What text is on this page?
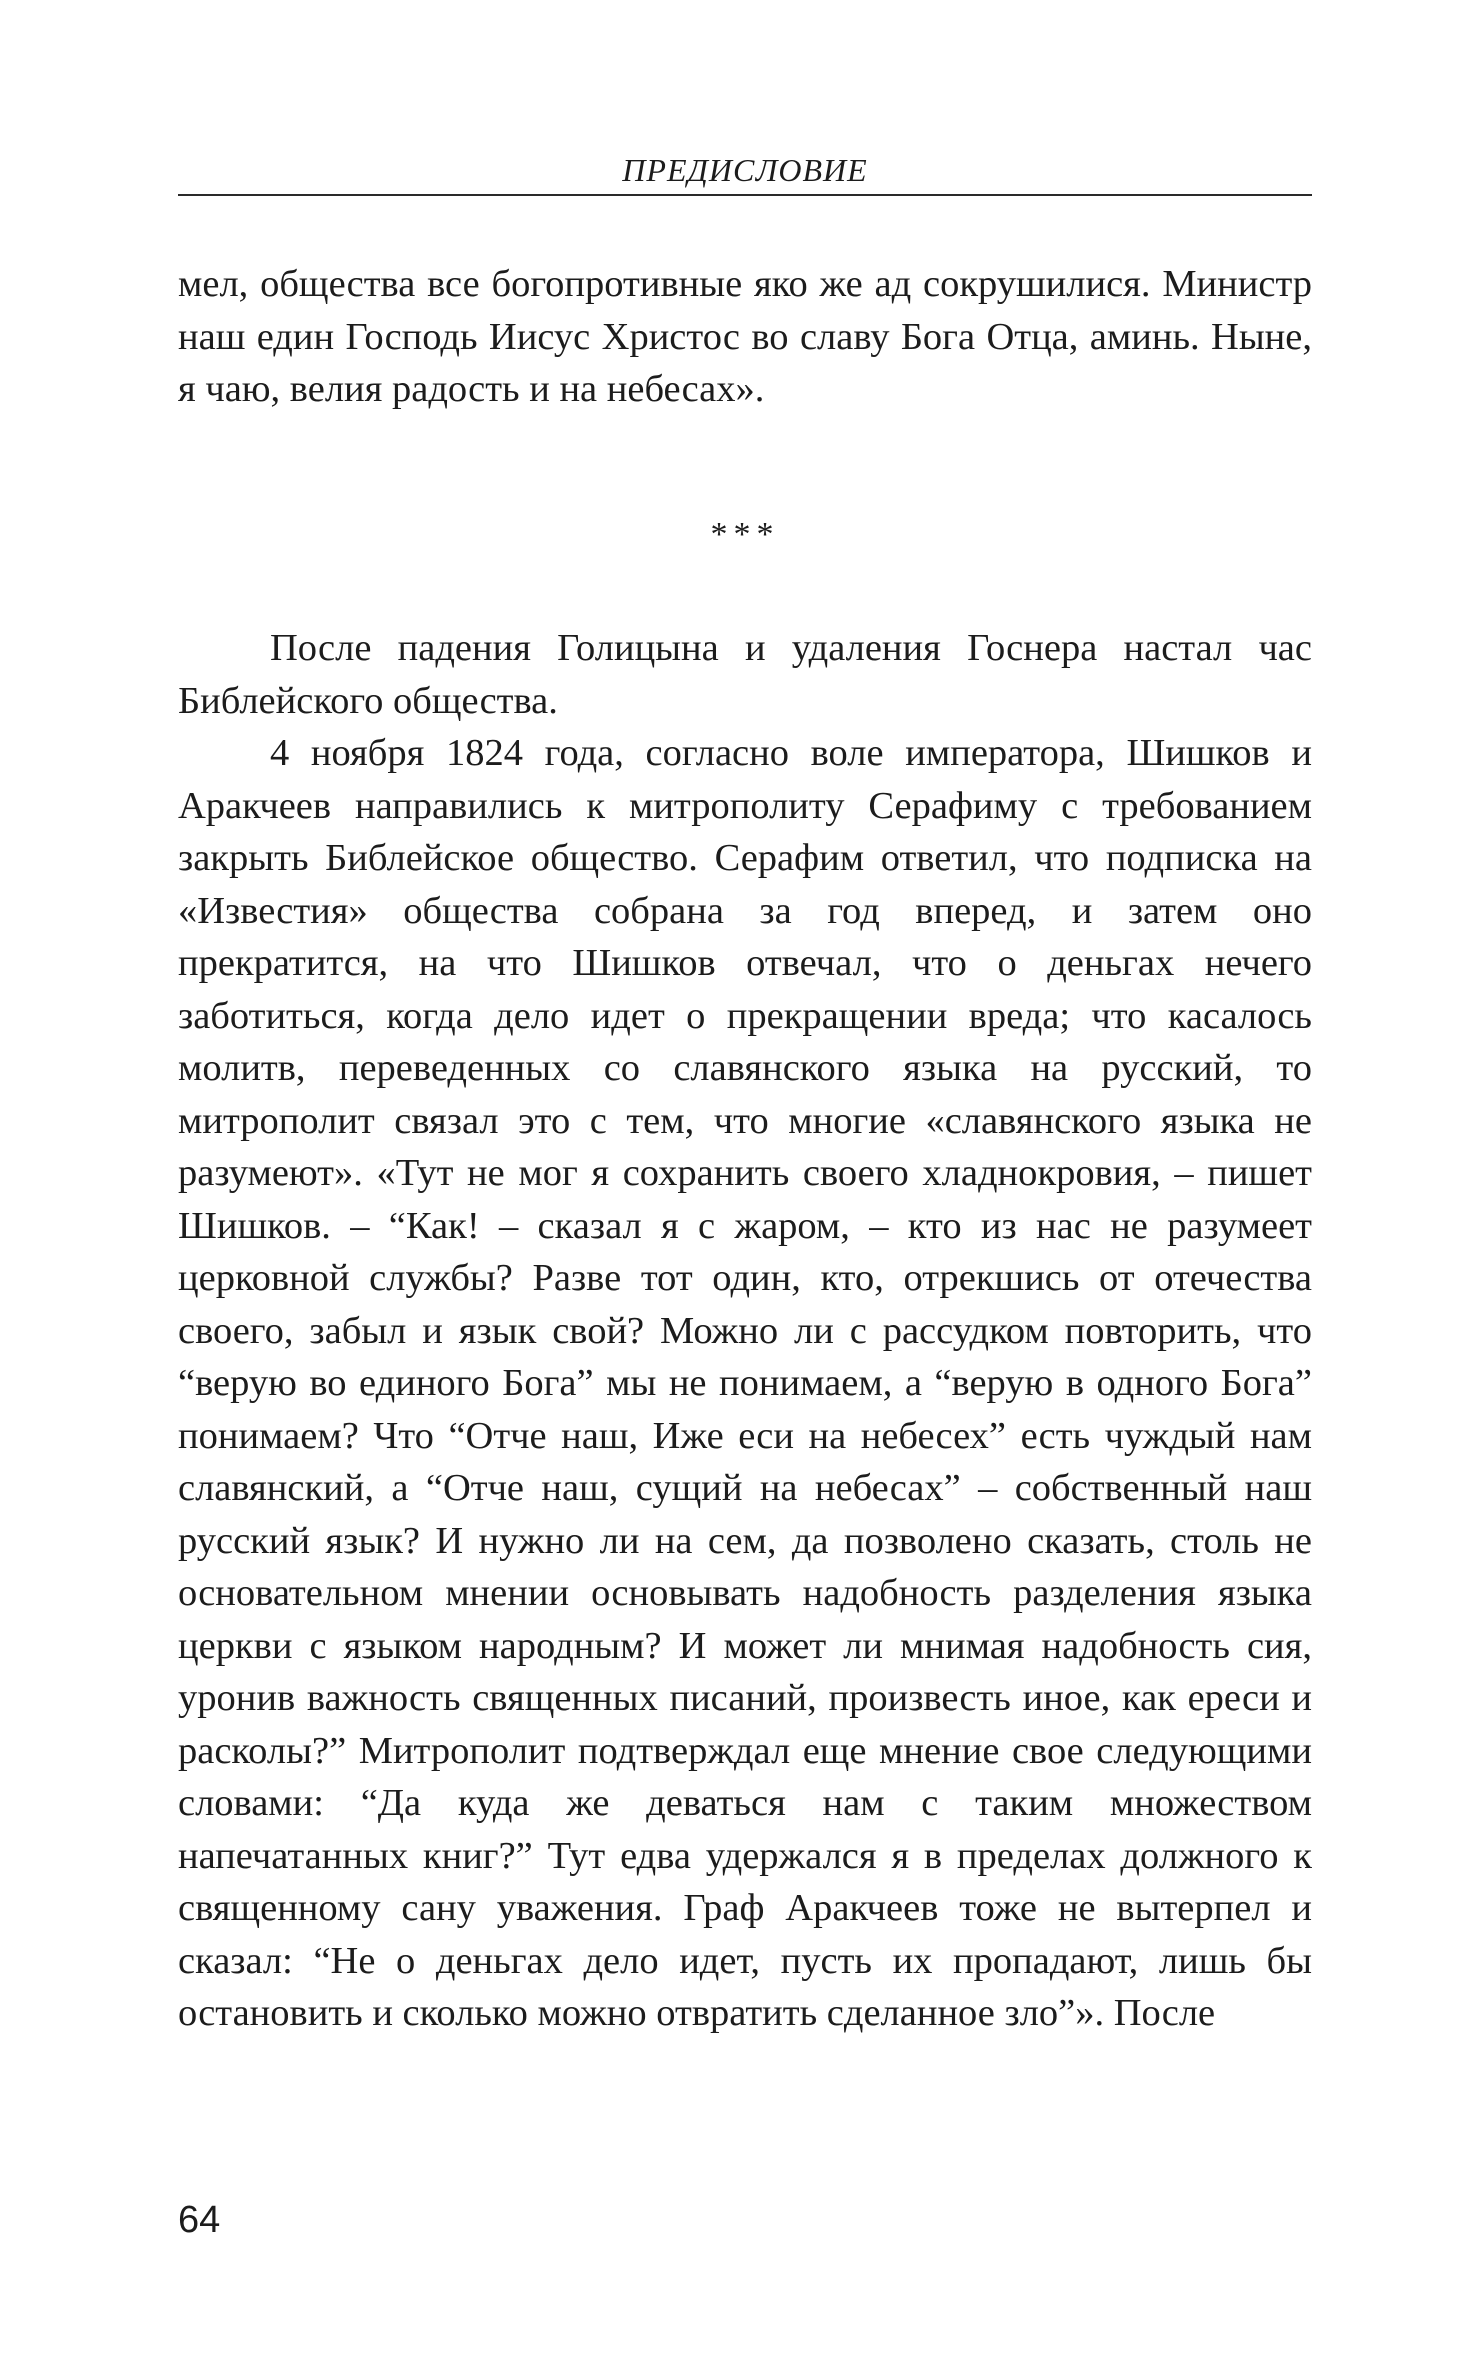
ПРЕДИСЛОВИЕ

мел, общества все богопротивные яко же ад сокрушилися. Министр наш един Господь Иисус Христос во славу Бога Отца, аминь. Ныне, я чаю, велия радость и на небесах».

***

После падения Голицына и удаления Госнера настал час Библейского общества.

4 ноября 1824 года, согласно воле императора, Шишков и Аракчеев направились к митрополиту Серафиму с требованием закрыть Библейское общество. Серафим ответил, что подписка на «Известия» общества собрана за год вперед, и затем оно прекратится, на что Шишков отвечал, что о деньгах нечего заботиться, когда дело идет о прекращении вреда; что касалось молитв, переведенных со славянского языка на русский, то митрополит связал это с тем, что многие «славянского языка не разумеют». «Тут не мог я сохранить своего хладнокровия, – пишет Шишков. – “Как! – сказал я с жаром, – кто из нас не разумеет церковной службы? Разве тот один, кто, отрекшись от отечества своего, забыл и язык свой? Можно ли с рассудком повторить, что “верую во единого Бога” мы не понимаем, а “верую в одного Бога” понимаем? Что “Отче наш, Иже еси на небесех” есть чуждый нам славянский, а “Отче наш, сущий на небесах” – собственный наш русский язык? И нужно ли на сем, да позволено сказать, столь не основательном мнении основывать надобность разделения языка церкви с языком народным? И может ли мнимая надобность сия, уронив важность священных писаний, произвесть иное, как ереси и расколы?” Митрополит подтверждал еще мнение свое следующими словами: “Да куда же деваться нам с таким множеством напечатанных книг?” Тут едва удержался я в пределах должного к священному сану уважения. Граф Аракчеев тоже не вытерпел и сказал: “Не о деньгах дело идет, пусть их пропадают, лишь бы остановить и сколько можно отвратить сделанное зло”». После

64
